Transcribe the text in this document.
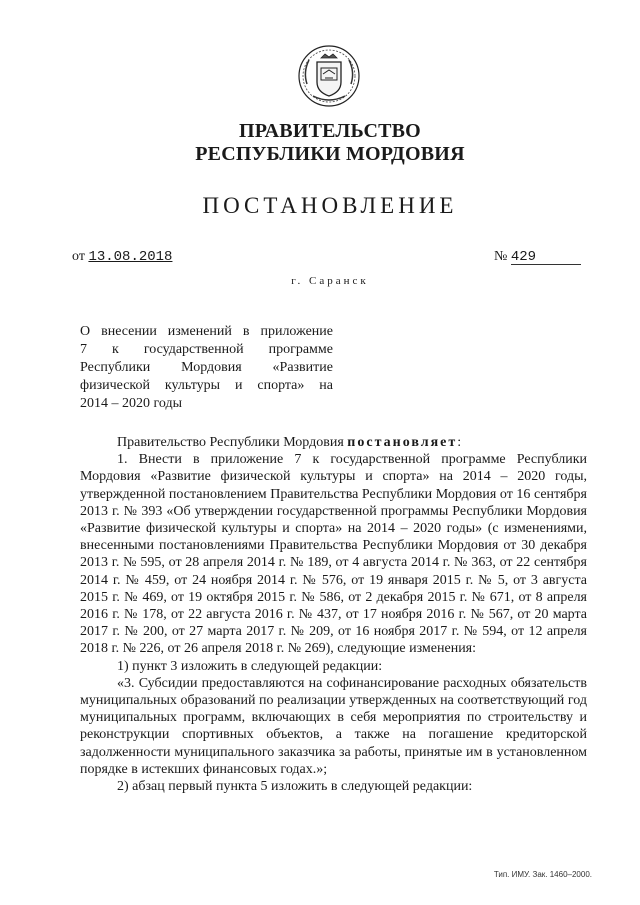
ПРАВИТЕЛЬСТВО
РЕСПУБЛИКИ МОРДОВИЯ
ПОСТАНОВЛЕНИЕ
от 13.08.2018	№ 429
г. Саранск
О внесении изменений в приложение
7 к государственной программе
Республики Мордовия «Развитие
физической культуры и спорта» на
2014 – 2020 годы

Правительство Республики Мордовия постановляет:

1. Внести в приложение 7 к государственной программе Республики Мордовия «Развитие физической культуры и спорта» на 2014 – 2020 годы, утвержденной постановлением Правительства Республики Мордовия от 16 сентября 2013 г. № 393 «Об утверждении государственной программы Республики Мордовия «Развитие физической культуры и спорта» на 2014 – 2020 годы» (с изменениями, внесенными постановлениями Правительства Республики Мордовия от 30 декабря 2013 г. № 595, от 28 апреля 2014 г. № 189, от 4 августа 2014 г. № 363, от 22 сентября 2014 г. № 459, от 24 ноября 2014 г. № 576, от 19 января 2015 г. № 5, от 3 августа 2015 г. № 469, от 19 октября 2015 г. № 586, от 2 декабря 2015 г. № 671, от 8 апреля 2016 г. № 178, от 22 августа 2016 г. № 437, от 17 ноября 2016 г. № 567, от 20 марта 2017 г. № 200, от 27 марта 2017 г. № 209, от 16 ноября 2017 г. № 594, от 12 апреля 2018 г. № 226, от 26 апреля 2018 г. № 269), следующие изменения:

1) пункт 3 изложить в следующей редакции:

«3. Субсидии предоставляются на софинансирование расходных обязательств муниципальных образований по реализации утвержденных на соответствующий год муниципальных программ, включающих в себя мероприятия по строительству и реконструкции спортивных объектов, а также на погашение кредиторской задолженности муниципального заказчика за работы, принятые им в установленном порядке в истекших финансовых годах.»;

2) абзац первый пункта 5 изложить в следующей редакции:

Тип. ИМУ. Зак. 1460–2000.
